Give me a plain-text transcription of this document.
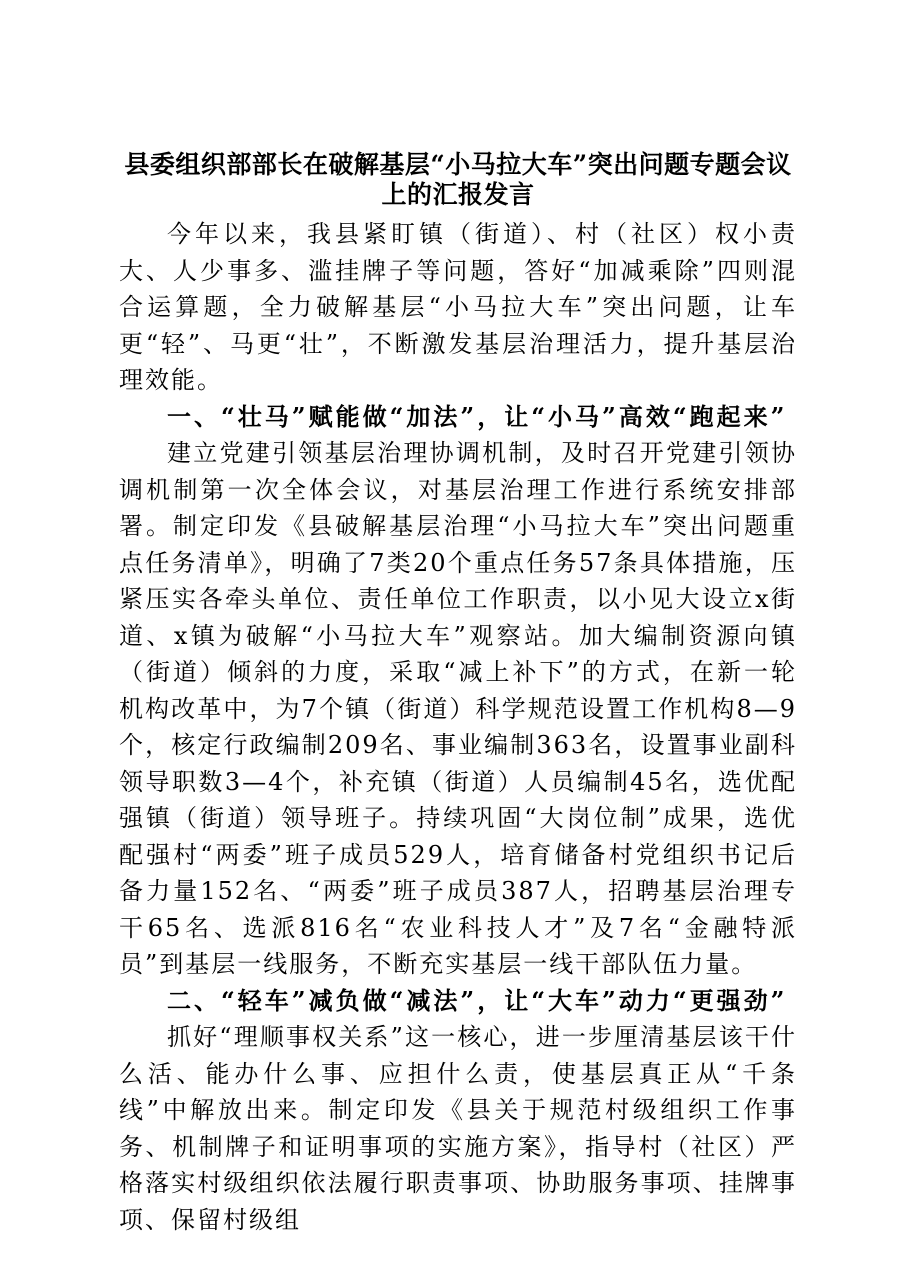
县委组织部部长在破解基层“小马拉大车”突出问题专题会议
上的汇报发言

今年以来，我县紧盯镇（街道）、村（社区）权小责大、人少事多、滥挂牌子等问题，答好“加减乘除”四则混合运算题，全力破解基层“小马拉大车”突出问题，让车更“轻”、马更“壮”，不断激发基层治理活力，提升基层治理效能。

一、“壮马”赋能做“加法”，让“小马”高效“跑起来”

建立党建引领基层治理协调机制，及时召开党建引领协调机制第一次全体会议，对基层治理工作进行系统安排部署。制定印发《县破解基层治理“小马拉大车”突出问题重点任务清单》，明确了7类20个重点任务57条具体措施，压紧压实各牵头单位、责任单位工作职责，以小见大设立x街道、x镇为破解“小马拉大车”观察站。加大编制资源向镇（街道）倾斜的力度，采取“减上补下”的方式，在新一轮机构改革中，为7个镇（街道）科学规范设置工作机构8—9个，核定行政编制209名、事业编制363名，设置事业副科领导职数3—4个，补充镇（街道）人员编制45名，选优配强镇（街道）领导班子。持续巩固“大岗位制”成果，选优配强村“两委”班子成员529人，培育储备村党组织书记后备力量152名、“两委”班子成员387人，招聘基层治理专干65名、选派816名“农业科技人才”及7名“金融特派员”到基层一线服务，不断充实基层一线干部队伍力量。

二、“轻车”减负做“减法”，让“大车”动力“更强劲”

抓好“理顺事权关系”这一核心，进一步厘清基层该干什么活、能办什么事、应担什么责，使基层真正从“千条线”中解放出来。制定印发《县关于规范村级组织工作事务、机制牌子和证明事项的实施方案》，指导村（社区）严格落实村级组织依法履行职责事项、协助服务事项、挂牌事项、保留村级组
